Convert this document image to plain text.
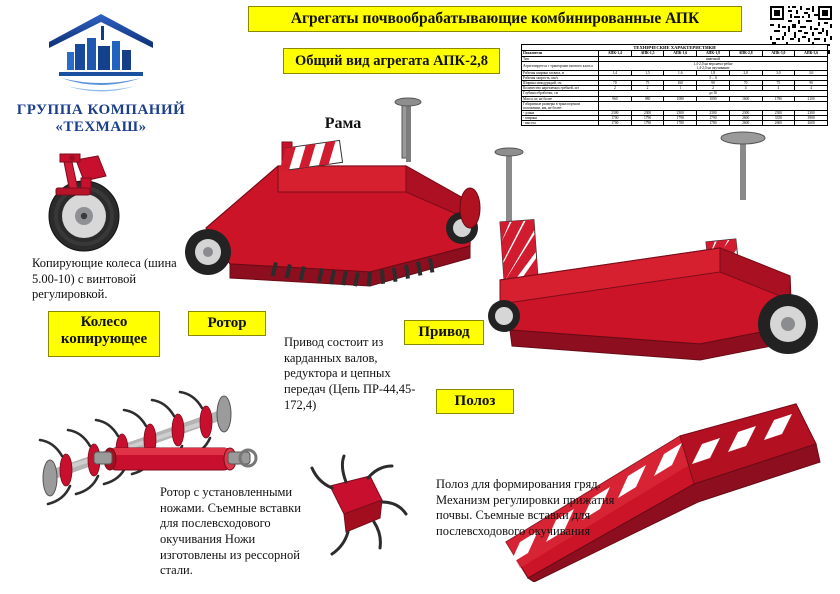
ГРУППА КОМПАНИЙ
«ТЕХМАШ»
Агрегаты почвообрабатывающие комбинированные АПК
Общий вид агрегата АПК-2,8
ТЕХНИЧЕСКИЕ ХАРАКТЕРИСТИКИ							
Показатели	АПК-1,4	АПК-1,5	АПК-1,6	АПК-1,8	АПК-2,8	АПК-3,0	АПК-3,6
Тип	навесной						
Агрегатируется с тракторами тягового класса	1,4-2,0 на верхнем гребне
1,4-2,0 на окучивание						
Рабочая ширина захвата, м	1,4	1,5	1,6	1,8	2,8	3,0	3,6
Рабочая скорость, км/ч	3 ... 6						
Ширина междурядий, см	70	75	160	90	70	75	90
Количество нарезаемых гребней, шт	2	2	1	2	4	4	4
Глубина обработки, см	до 30						
Масса, кг, не более	960	980	1080	1090	1600	1780	2100
Габаритные размеры в транспортном положении, мм, не более:							
- длина	2300	2300	2300	2300	2300	2300	2300
- ширина	1700	1790	1790	1790	2600	3350	3900
- высота	1700	1790	1780	1780	2600	2600	2600
Рама
Колесо копирующее
Ротор
Привод
Полоз
Копирующие колеса (шина 5.00-10) с винтовой регулировкой.
Привод состоит из карданных валов, редуктора и цепных передач (Цепь ПР-44,45-172,4)
Ротор с установленными ножами. Съемные вставки для послевсходового окучивания Ножи изготовлены из рессорной стали.
Полоз для формирования гряд. Механизм регулировки прижатия почвы. Съемные вставки для послевсходового окучивания
